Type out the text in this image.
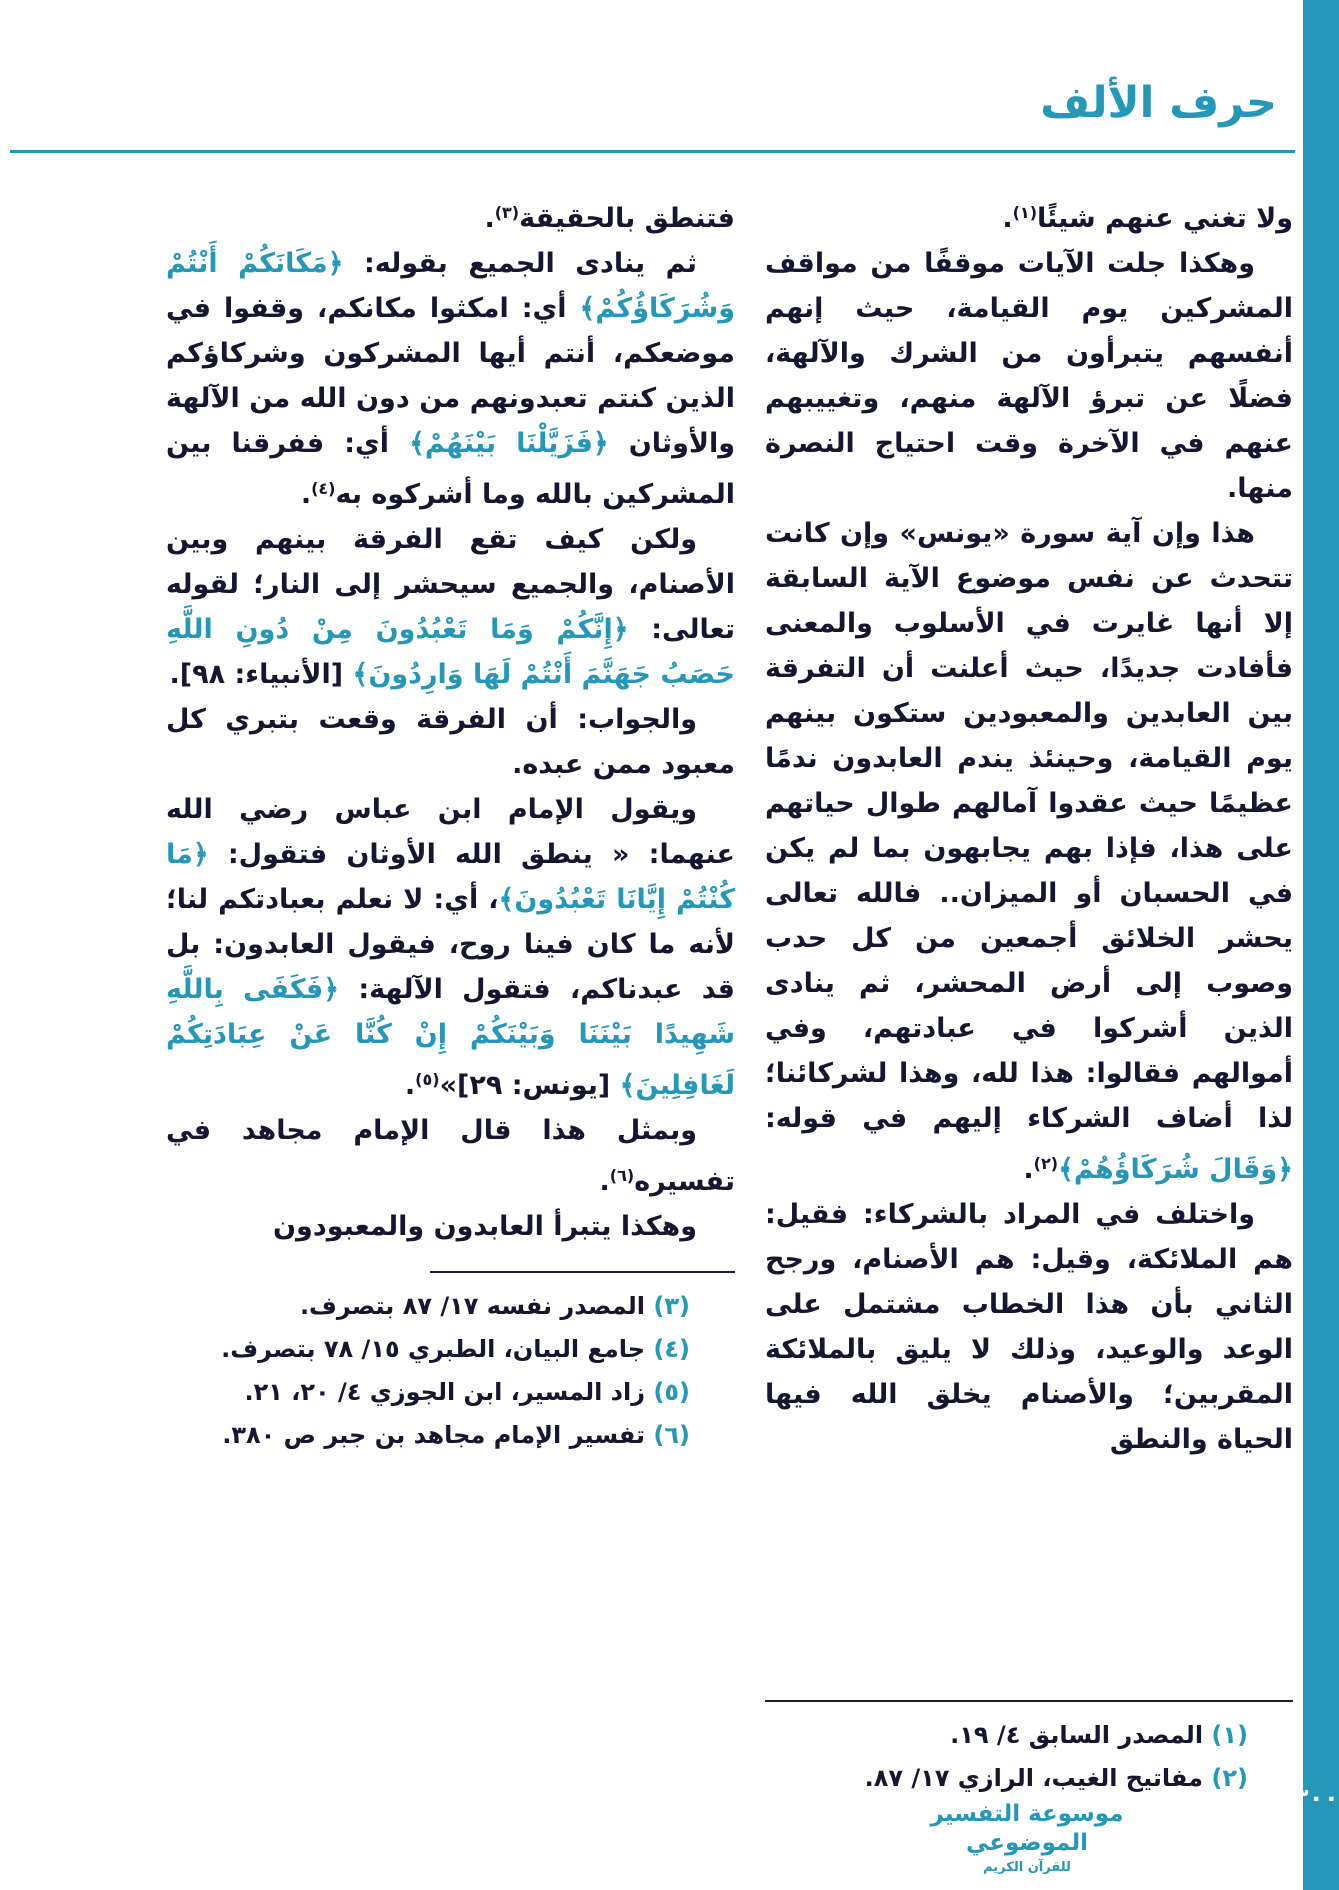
٣٠٠
حرف الألف

ولا تغني عنهم شيئًا$^{(١)}$.

وهكذا جلت الآيات موقفًا من مواقف المشركين يوم القيامة، حيث إنهم أنفسهم يتبرأون من الشرك والآلهة، فضلًا عن تبرؤ الآلهة منهم، وتغييبهم عنهم في الآخرة وقت احتياج النصرة منها.

هذا وإن آية سورة «يونس» وإن كانت تتحدث عن نفس موضوع الآية السابقة إلا أنها غايرت في الأسلوب والمعنى فأفادت جديدًا، حيث أعلنت أن التفرقة بين العابدين والمعبودين ستكون بينهم يوم القيامة، وحينئذ يندم العابدون ندمًا عظيمًا حيث عقدوا آمالهم طوال حياتهم على هذا، فإذا بهم يجابهون بما لم يكن في الحسبان أو الميزان.. فالله تعالى يحشر الخلائق أجمعين من كل حدب وصوب إلى أرض المحشر، ثم ينادى الذين أشركوا في عبادتهم، وفي أموالهم فقالوا: هذا لله، وهذا لشركائنا؛ لذا أضاف الشركاء إليهم في قوله: ﴿وَقَالَ شُرَكَاؤُهُمْ﴾$^{(٢)}$.

واختلف في المراد بالشركاء: فقيل: هم الملائكة، وقيل: هم الأصنام، ورجح الثاني بأن هذا الخطاب مشتمل على الوعد والوعيد، وذلك لا يليق بالملائكة المقربين؛ والأصنام يخلق الله فيها الحياة والنطق

(١) المصدر السابق ٤/ ١٩.
(٢) مفاتيح الغيب، الرازي ١٧/ ٨٧.

فتنطق بالحقيقة$^{(٣)}$.

ثم ينادى الجميع بقوله: ﴿مَكَانَكُمْ أَنْتُمْ وَشُرَكَاؤُكُمْ﴾ أي: امكثوا مكانكم، وقفوا في موضعكم، أنتم أيها المشركون وشركاؤكم الذين كنتم تعبدونهم من دون الله من الآلهة والأوثان ﴿فَزَيَّلْنَا بَيْنَهُمْ﴾ أي: ففرقنا بين المشركين بالله وما أشركوه به$^{(٤)}$.

ولكن كيف تقع الفرقة بينهم وبين الأصنام، والجميع سيحشر إلى النار؛ لقوله تعالى: ﴿إِنَّكُمْ وَمَا تَعْبُدُونَ مِنْ دُونِ اللَّهِ حَصَبُ جَهَنَّمَ أَنْتُمْ لَهَا وَارِدُونَ﴾ [الأنبياء: ٩٨].

والجواب: أن الفرقة وقعت بتبري كل معبود ممن عبده.

ويقول الإمام ابن عباس رضي الله عنهما: « ينطق الله الأوثان فتقول: ﴿مَا كُنْتُمْ إِيَّانَا تَعْبُدُونَ﴾، أي: لا نعلم بعبادتكم لنا؛ لأنه ما كان فينا روح، فيقول العابدون: بل قد عبدناكم، فتقول الآلهة: ﴿فَكَفَى بِاللَّهِ شَهِيدًا بَيْنَنَا وَبَيْنَكُمْ إِنْ كُنَّا عَنْ عِبَادَتِكُمْ لَغَافِلِينَ﴾ [يونس: ٢٩]»$^{(٥)}$.

وبمثل هذا قال الإمام مجاهد في تفسيره$^{(٦)}$.

وهكذا يتبرأ العابدون والمعبودون

(٣) المصدر نفسه ١٧/ ٨٧ بتصرف.
(٤) جامع البيان، الطبري ١٥/ ٧٨ بتصرف.
(٥) زاد المسير، ابن الجوزي ٤/ ٢٠، ٢١.
(٦) تفسير الإمام مجاهد بن جبر ص ٣٨٠.
موسوعة التفسير الموضوعي
للقرآن الكريم
